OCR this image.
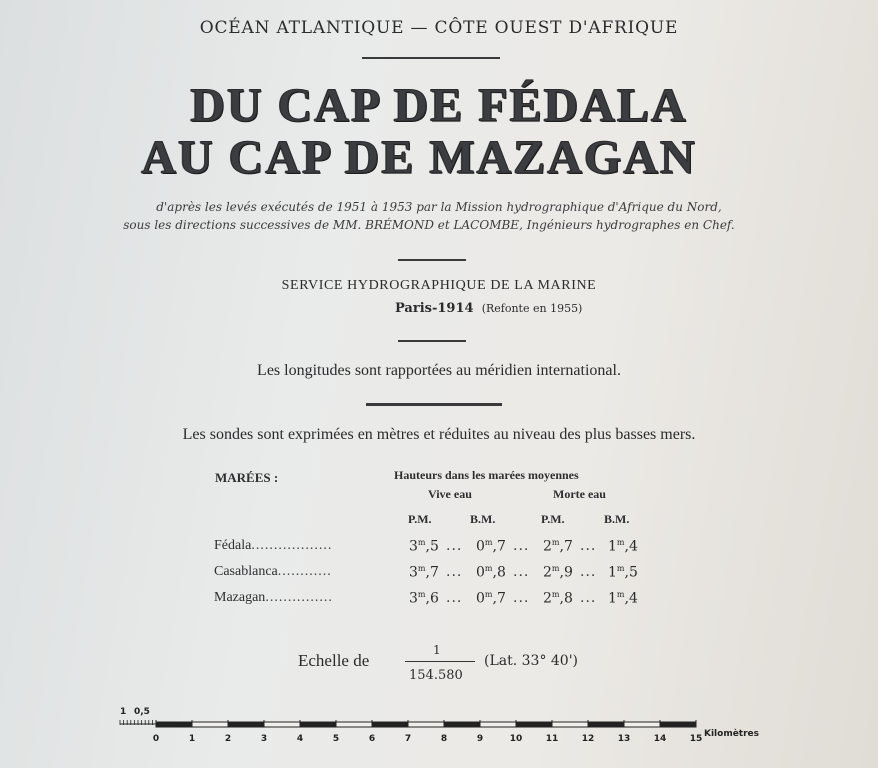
OCÉAN ATLANTIQUE — CÔTE OUEST D'AFRIQUE
DU CAP DE FÉDALA
AU CAP DE MAZAGAN
d'après les levés exécutés de 1951 à 1953 par la Mission hydrographique d'Afrique du Nord,
sous les directions successives de MM. BRÉMOND et LACOMBE, Ingénieurs hydrographes en Chef.
SERVICE HYDROGRAPHIQUE DE LA MARINE
Paris-1914 (Refonte en 1955)
Les longitudes sont rapportées au méridien international.
Les sondes sont exprimées en mètres et réduites au niveau des plus basses mers.
MARÉES :	Hauteurs dans les marées moyennes
Vive eau	Morte eau
P.M.	B.M.	P.M.	B.M.
Fédala..................	3$^m$,5 ... 0$^m$,7 ... 2$^m$,7 ... 1$^m$,4
Casablanca............	3$^m$,7 ... 0$^m$,8 ... 2$^m$,9 ... 1$^m$,5
Mazagan...............	3$^m$,6 ... 0$^m$,7 ... 2$^m$,8 ... 1$^m$,4
Echelle de
1
154.580
(Lat. 33° 40')
1 0,5
0	1	2	3	4	5	6	7	8	9	10	11	12	13	14	15 Kilomètres
